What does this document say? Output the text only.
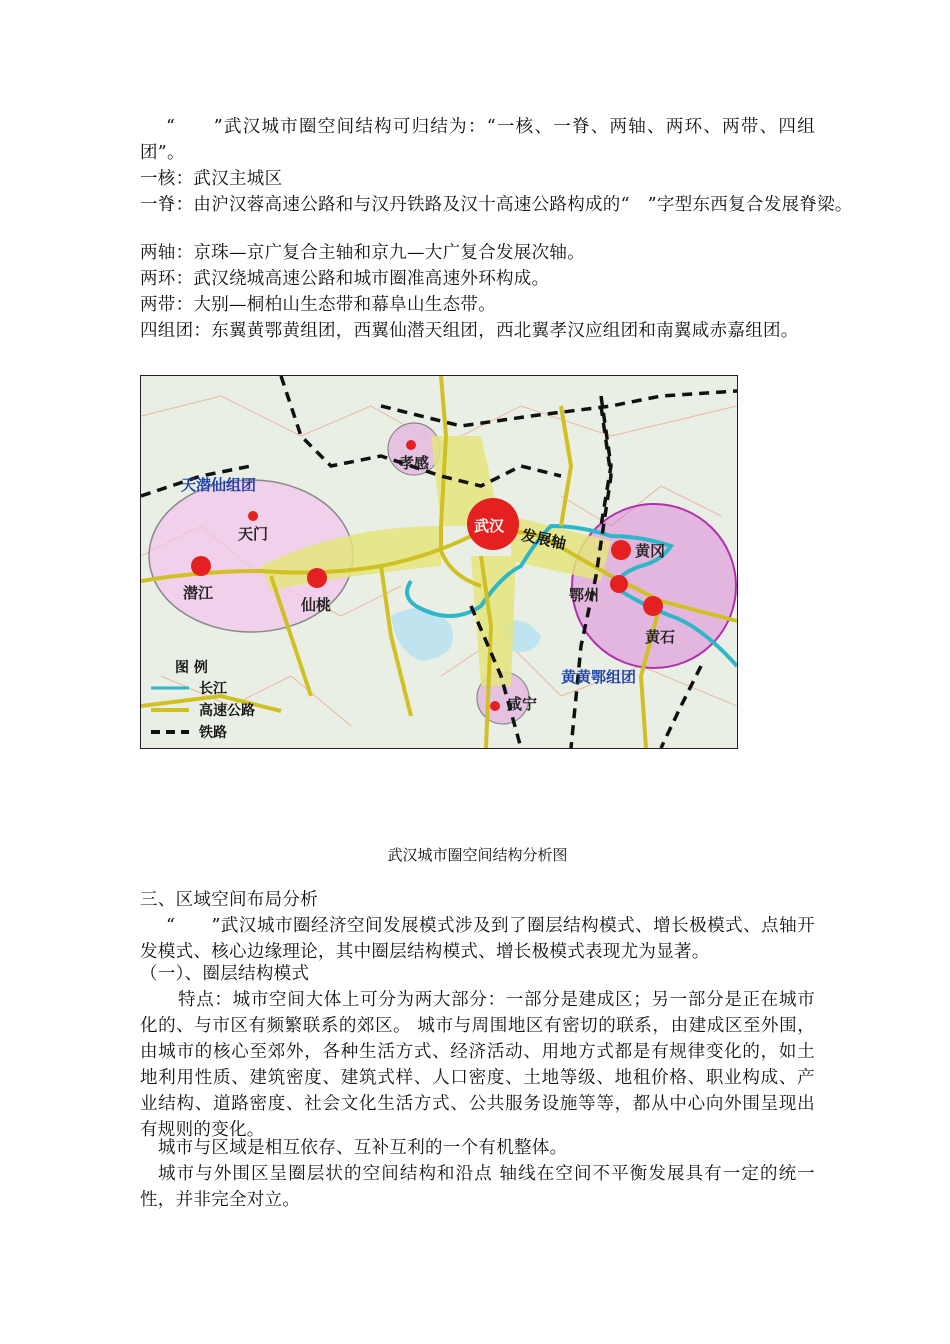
“　　”武汉城市圈空间结构可归结为：“一核、一脊、两轴、两环、两带、四组团”。
一核：武汉主城区
一脊：由沪汉蓉高速公路和与汉丹铁路及汉十高速公路构成的“　”字型东西复合发展脊梁。
两轴：京珠—京广复合主轴和京九—大广复合发展次轴。
两环：武汉绕城高速公路和城市圈准高速外环构成。
两带：大别—桐柏山生态带和幕阜山生态带。
四组团：东翼黄鄂黄组团，西翼仙潜天组团，西北翼孝汉应组团和南翼咸赤嘉组团。
武汉
孝感
天门
潜江
仙桃
黄冈
鄂州
黄石
咸宁
发展轴
天潜仙组团
黄黄鄂组团
图 例
长江
高速公路
铁路
武汉城市圈空间结构分析图
三、区域空间布局分析
“　　”武汉城市圈经济空间发展模式涉及到了圈层结构模式、增长极模式、点轴开发模式、核心边缘理论，其中圈层结构模式、增长极模式表现尤为显著。
（一）、圈层结构模式
特点：城市空间大体上可分为两大部分：一部分是建成区；另一部分是正在城市化的、与市区有频繁联系的郊区。 城市与周围地区有密切的联系，由建成区至外围，由城市的核心至郊外，各种生活方式、经济活动、用地方式都是有规律变化的，如土地利用性质、建筑密度、建筑式样、人口密度、土地等级、地租价格、职业构成、产业结构、道路密度、社会文化生活方式、公共服务设施等等，都从中心向外围呈现出有规则的变化。
城市与区域是相互依存、互补互利的一个有机整体。
城市与外围区呈圈层状的空间结构和沿点 轴线在空间不平衡发展具有一定的统一性，并非完全对立。
